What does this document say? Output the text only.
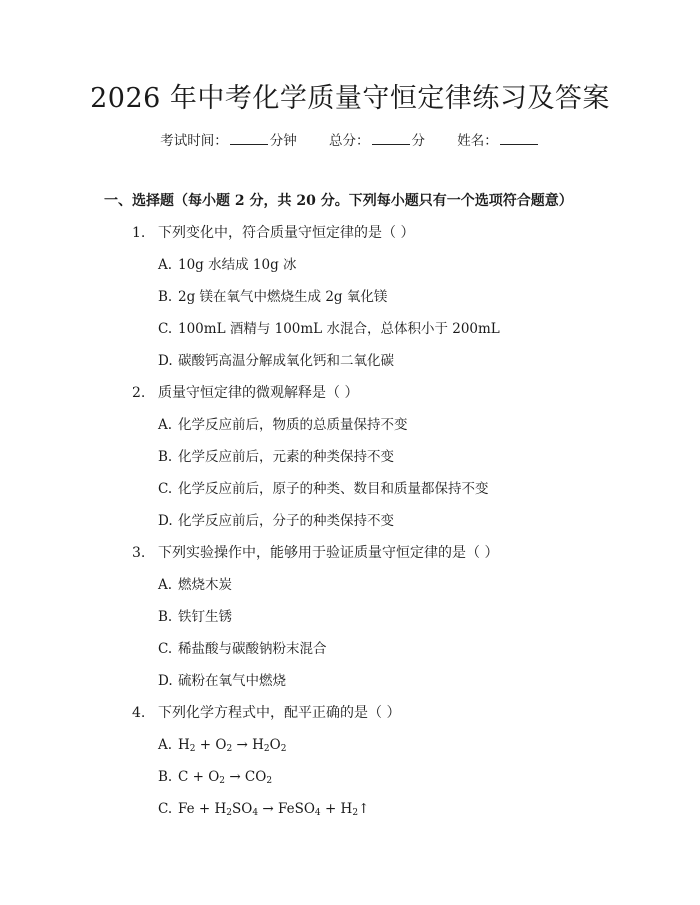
2026 年中考化学质量守恒定律练习及答案
考试时间：	分钟 总分：	分 姓名：
一、选择题（每小题 2 分，共 20 分。下列每小题只有一个选项符合题意）
1. 下列变化中，符合质量守恒定律的是（ ）
A. 10g 水结成 10g 冰
B. 2g 镁在氧气中燃烧生成 2g 氧化镁
C. 100mL 酒精与 100mL 水混合，总体积小于 200mL
D. 碳酸钙高温分解成氧化钙和二氧化碳
2. 质量守恒定律的微观解释是（ ）
A. 化学反应前后，物质的总质量保持不变
B. 化学反应前后，元素的种类保持不变
C. 化学反应前后，原子的种类、数目和质量都保持不变
D. 化学反应前后，分子的种类保持不变
3. 下列实验操作中，能够用于验证质量守恒定律的是（ ）
A. 燃烧木炭
B. 铁钉生锈
C. 稀盐酸与碳酸钠粉末混合
D. 硫粉在氧气中燃烧
4. 下列化学方程式中，配平正确的是（ ）
A. $H_2 + O_2 \to H_2O_2$
B. $C + O_2 \to CO_2$
C. $Fe + H_2SO_4$ → FeSO$_4$ + $H_2↑$
